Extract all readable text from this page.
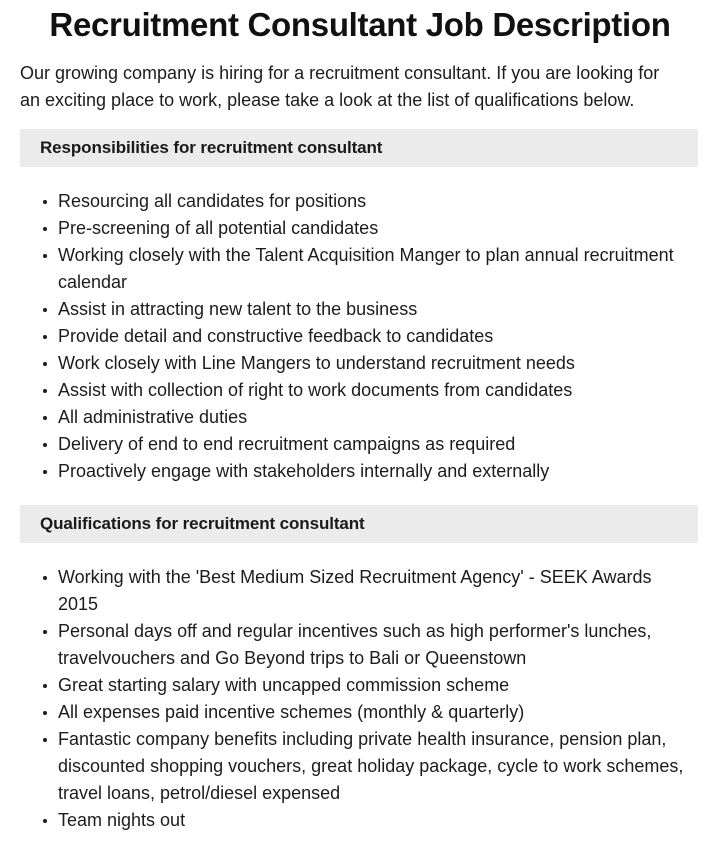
Recruitment Consultant Job Description

Our growing company is hiring for a recruitment consultant. If you are looking for an exciting place to work, please take a look at the list of qualifications below.

Responsibilities for recruitment consultant
Resourcing all candidates for positions
Pre-screening of all potential candidates
Working closely with the Talent Acquisition Manger to plan annual recruitment calendar
Assist in attracting new talent to the business
Provide detail and constructive feedback to candidates
Work closely with Line Mangers to understand recruitment needs
Assist with collection of right to work documents from candidates
All administrative duties
Delivery of end to end recruitment campaigns as required
Proactively engage with stakeholders internally and externally
Qualifications for recruitment consultant
Working with the 'Best Medium Sized Recruitment Agency' - SEEK Awards 2015
Personal days off and regular incentives such as high performer's lunches, travelvouchers and Go Beyond trips to Bali or Queenstown
Great starting salary with uncapped commission scheme
All expenses paid incentive schemes (monthly & quarterly)
Fantastic company benefits including private health insurance, pension plan, discounted shopping vouchers, great holiday package, cycle to work schemes, travel loans, petrol/diesel expensed
Team nights out
